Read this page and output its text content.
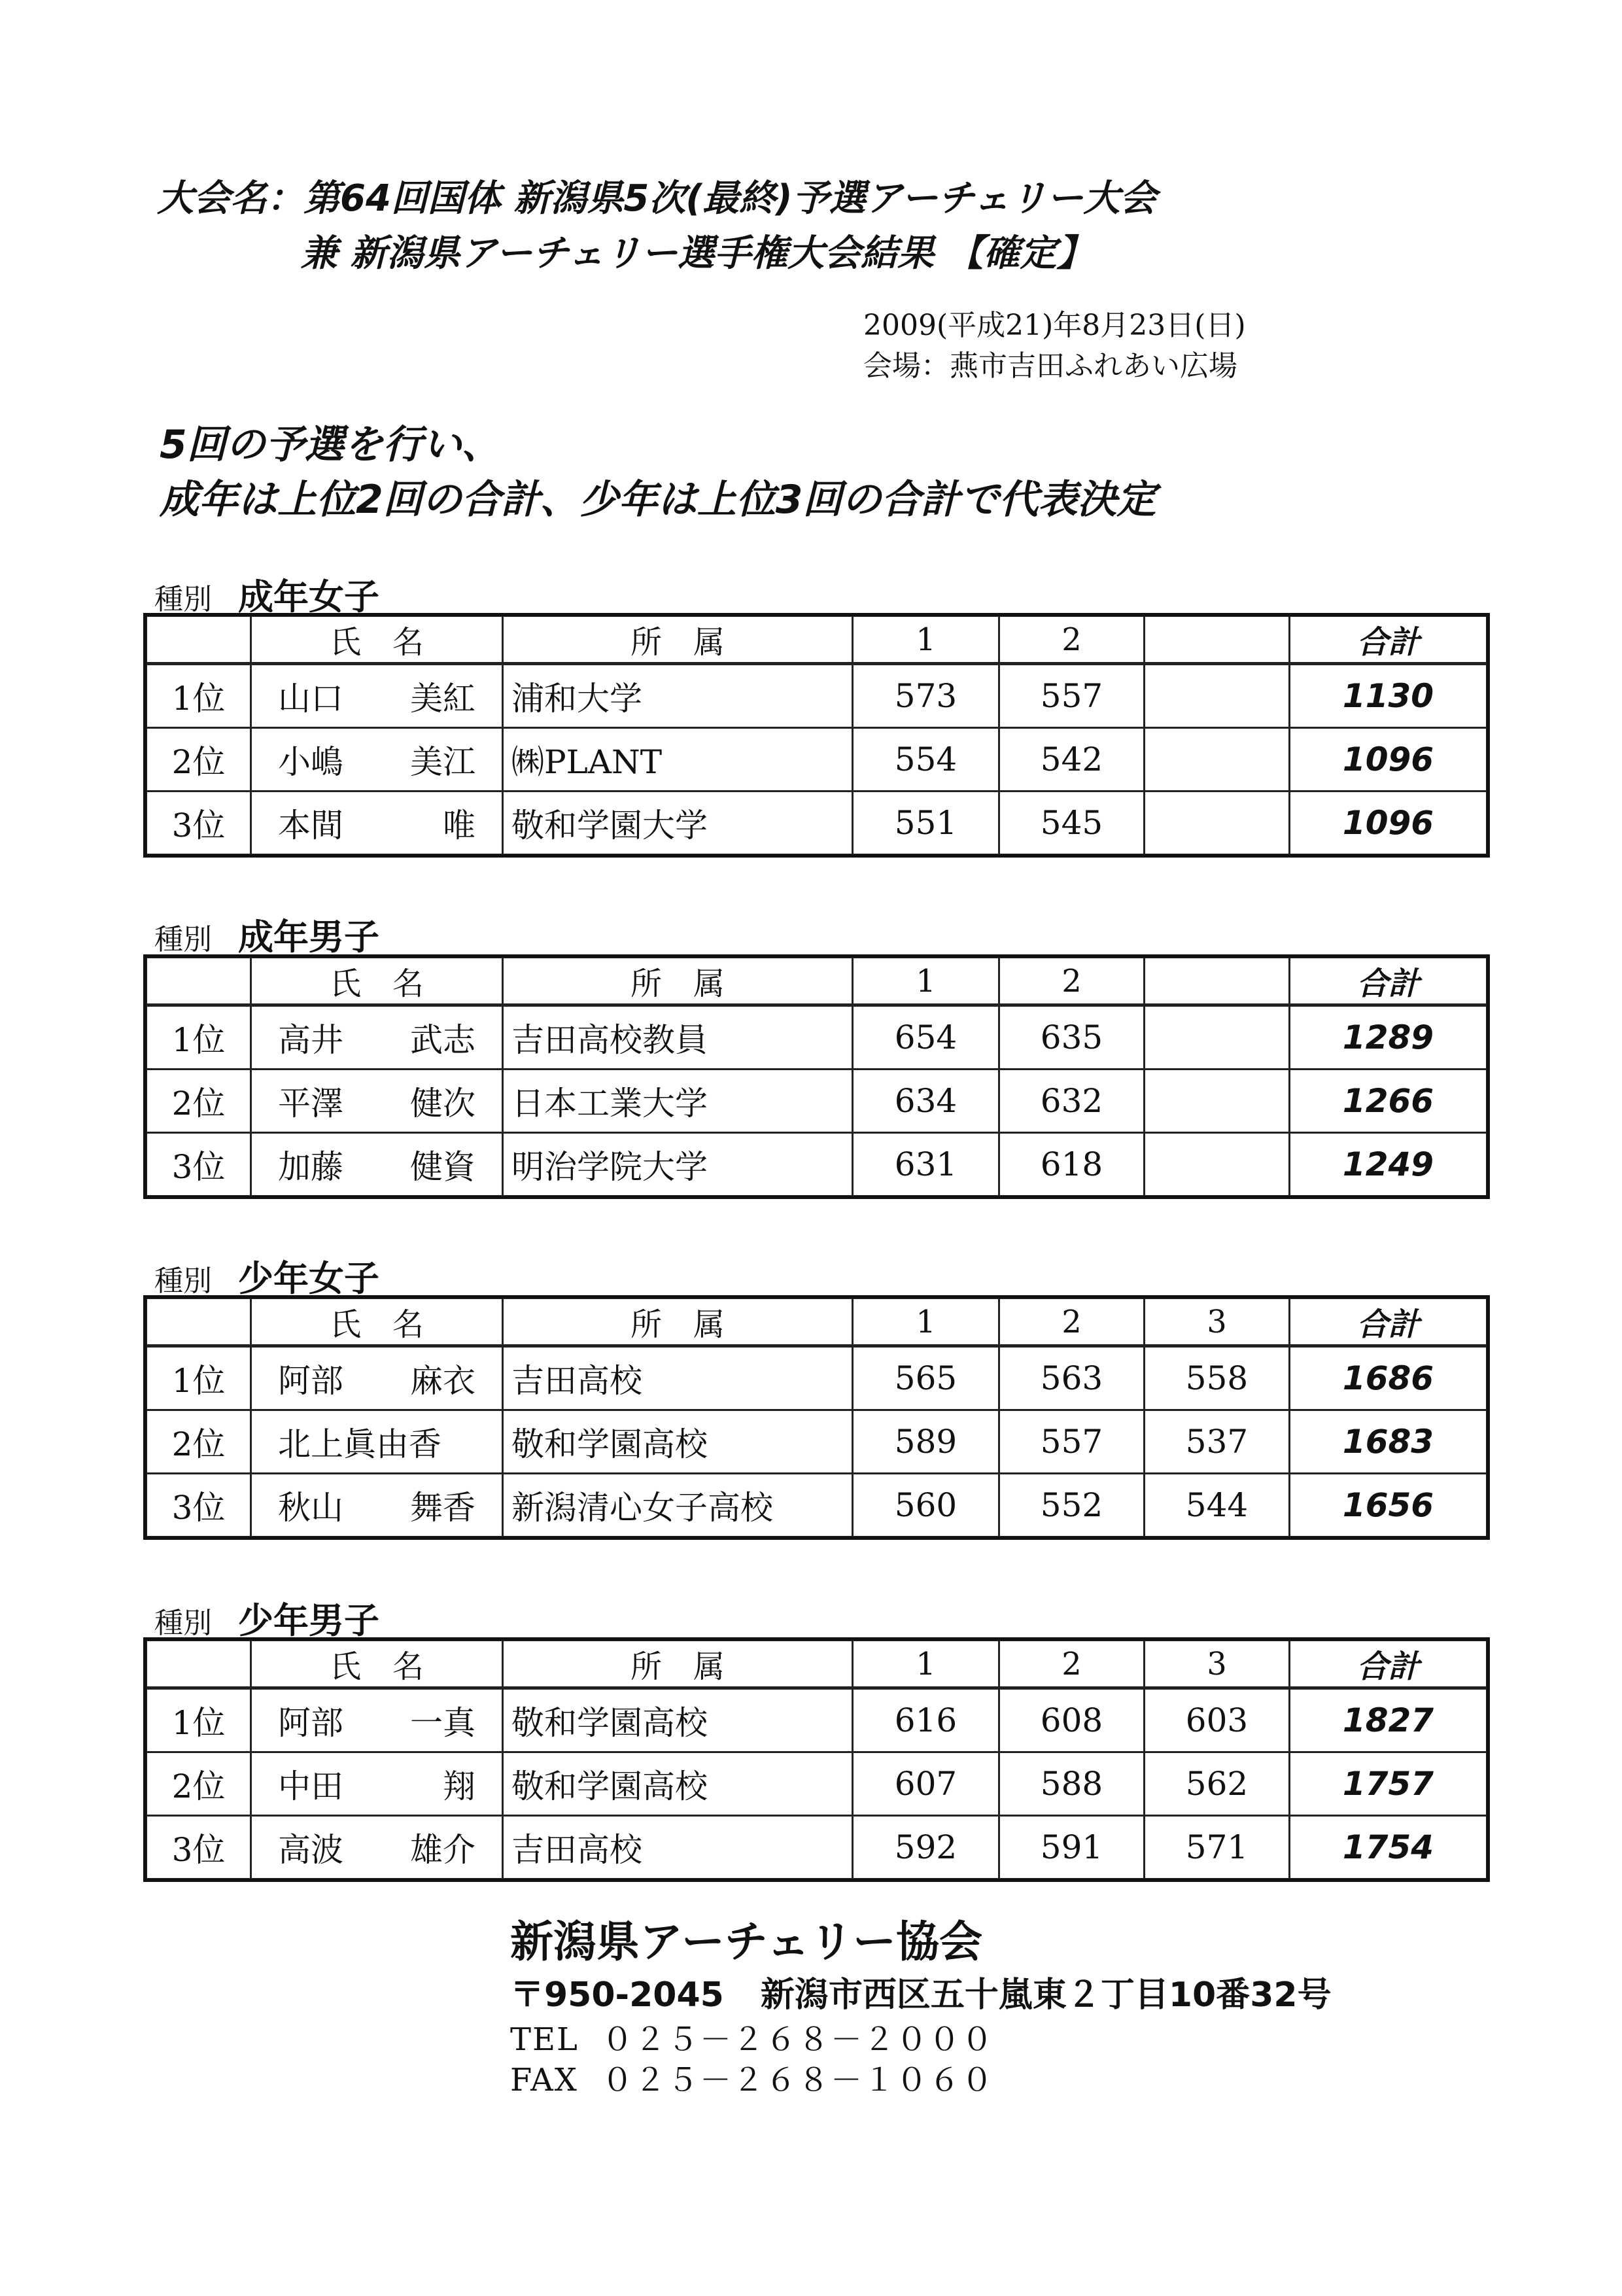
大会名：第64回国体 新潟県5次(最終)予選アーチェリー大会
兼 新潟県アーチェリー選手権大会結果 【確定】
2009(平成21)年8月23日(日)
会場：燕市吉田ふれあい広場
5回の予選を行い、
成年は上位2回の合計、少年は上位3回の合計で代表決定
種別 成年女子
	氏　名	所　属	1	2		合計
1位	山口 美紅	浦和大学	573	557		1130
2位	小嶋 美江	㈱PLANT	554	542		1096
3位	本間 唯	敬和学園大学	551	545		1096
種別 成年男子
	氏　名	所　属	1	2		合計
1位	高井 武志	吉田高校教員	654	635		1289
2位	平澤 健次	日本工業大学	634	632		1266
3位	加藤 健資	明治学院大学	631	618		1249
種別 少年女子
	氏　名	所　属	1	2	3	合計
1位	阿部 麻衣	吉田高校	565	563	558	1686
2位	北上眞由香	敬和学園高校	589	557	537	1683
3位	秋山 舞香	新潟清心女子高校	560	552	544	1656
種別 少年男子
	氏　名	所　属	1	2	3	合計
1位	阿部 一真	敬和学園高校	616	608	603	1827
2位	中田 翔	敬和学園高校	607	588	562	1757
3位	高波 雄介	吉田高校	592	591	571	1754
新潟県アーチェリー協会
〒950-2045 新潟市西区五十嵐東２丁目10番32号
TEL ０２５－２６８－２０００
FAX ０２５－２６８－１０６０
